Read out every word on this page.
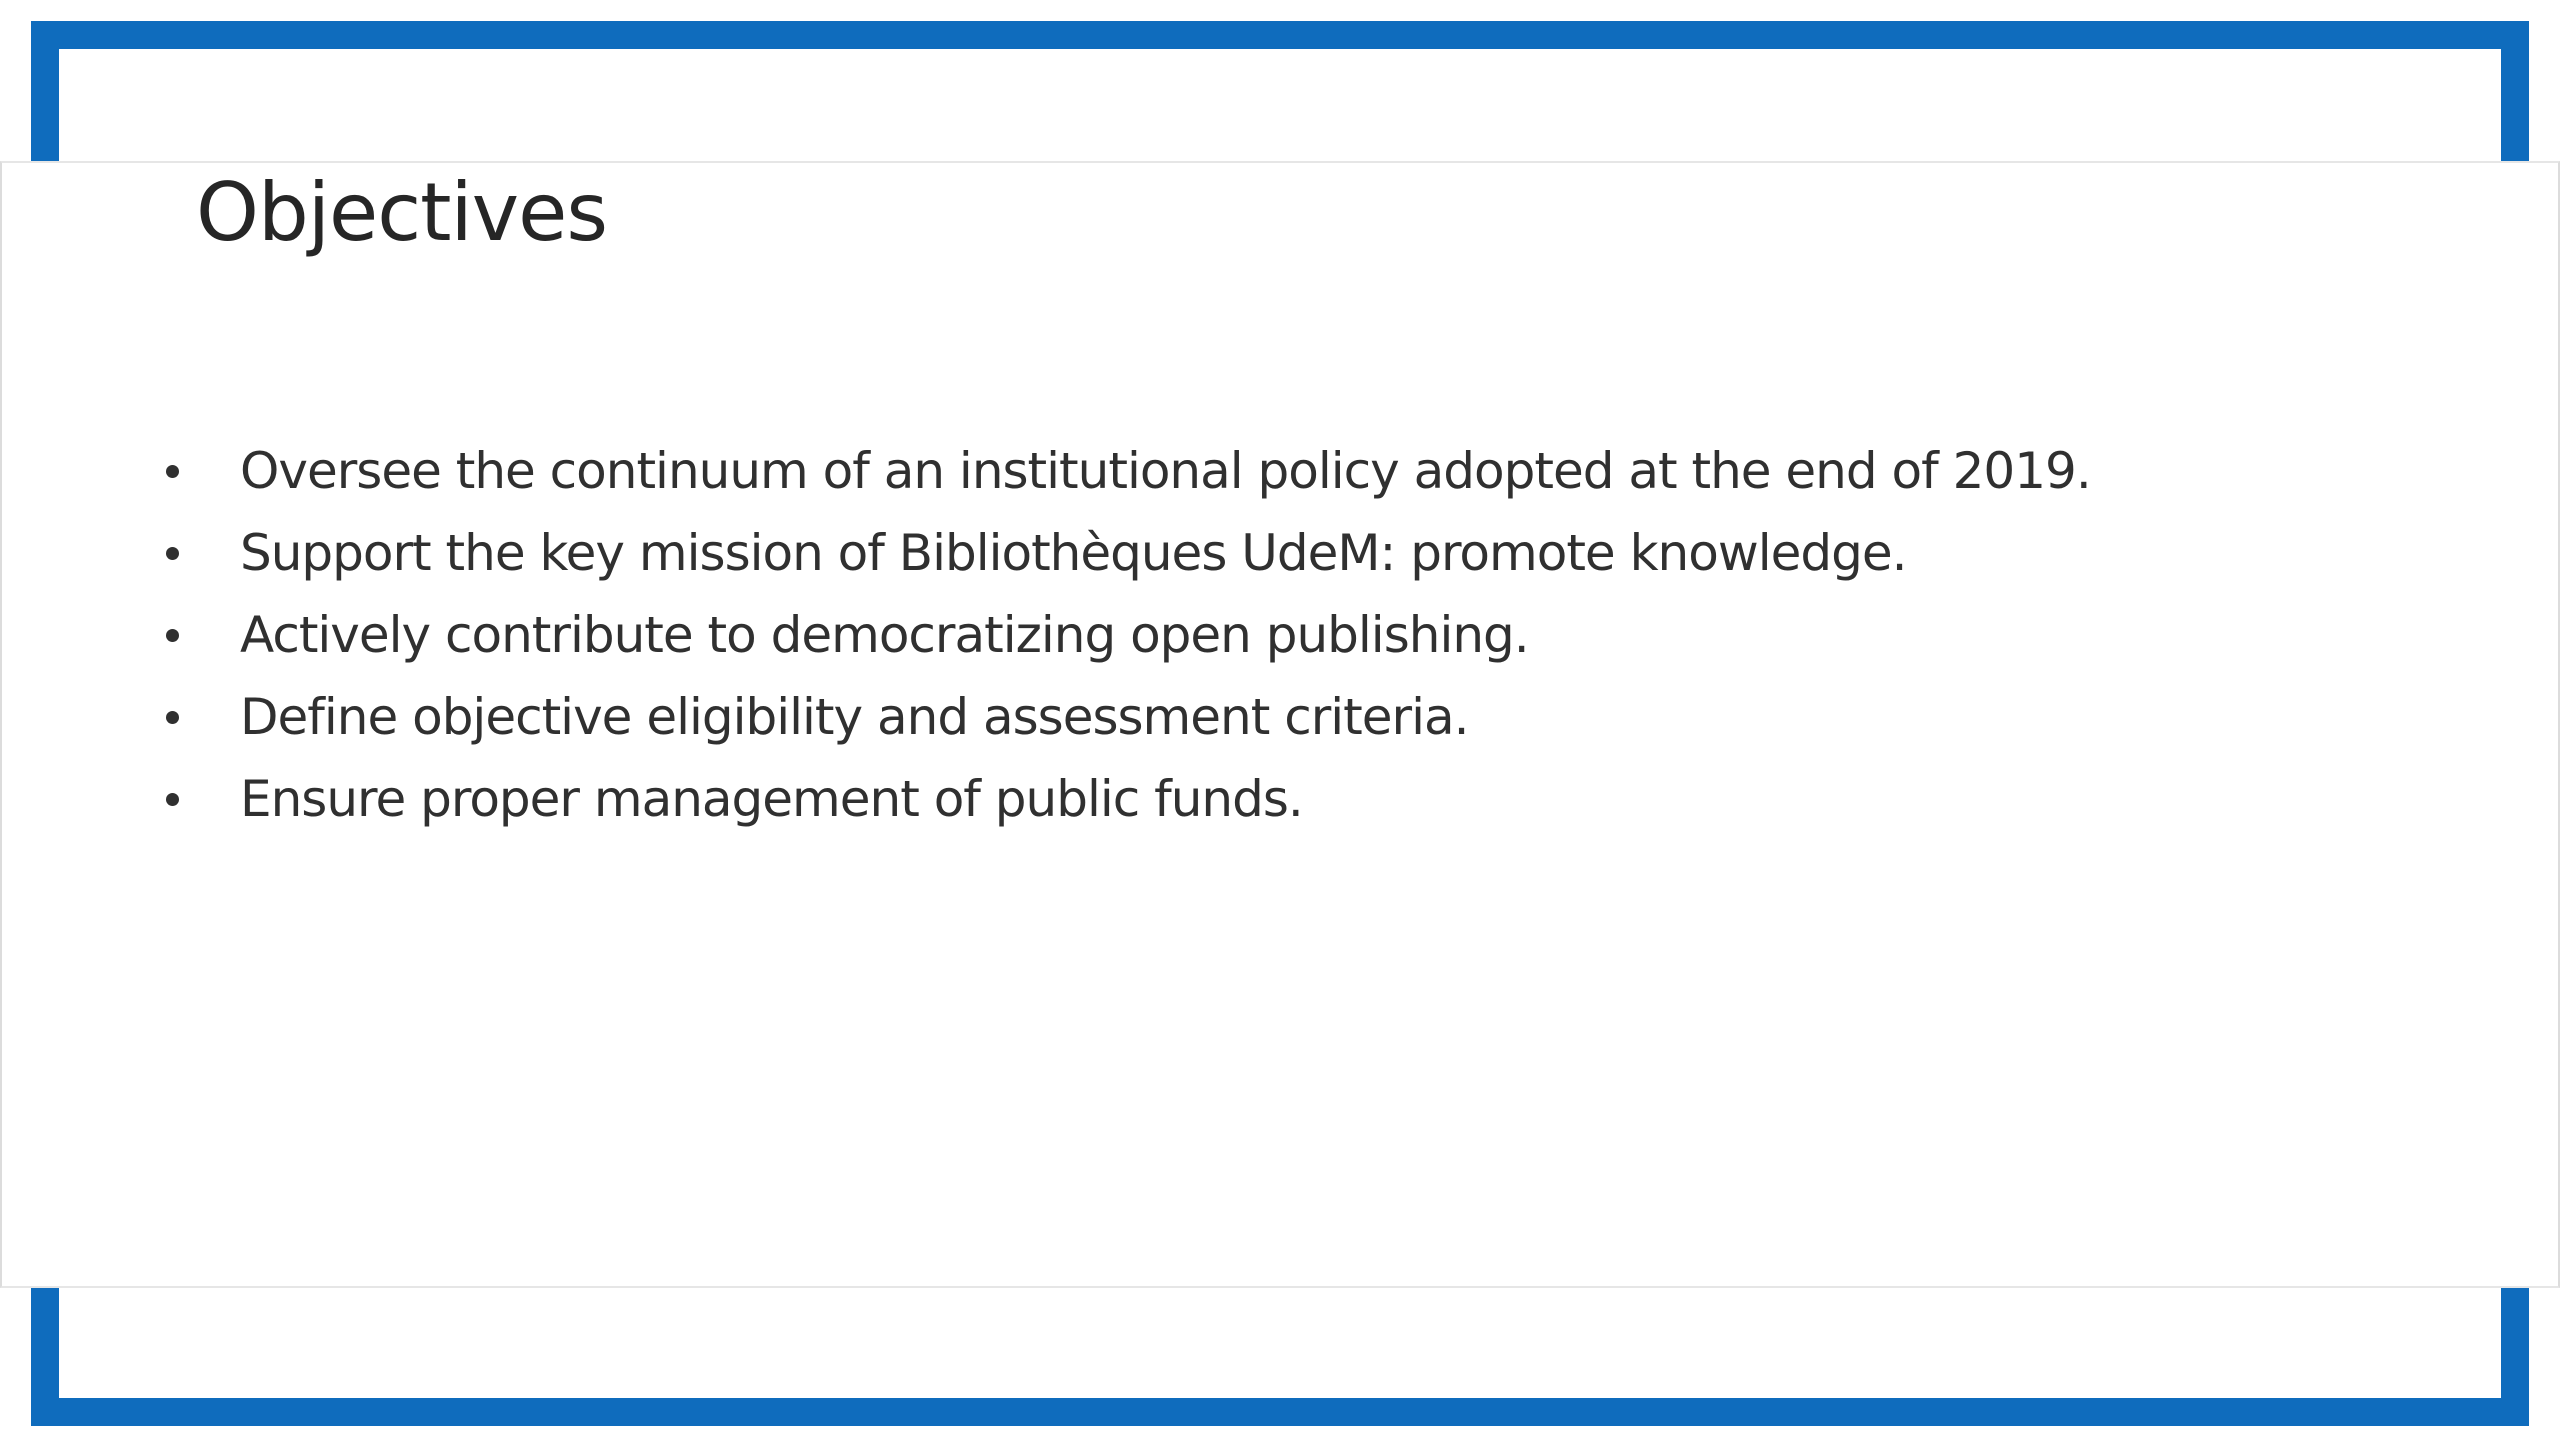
Objectives
Oversee the continuum of an institutional policy adopted at the end of 2019.
Support the key mission of Bibliothèques UdeM: promote knowledge.
Actively contribute to democratizing open publishing.
Define objective eligibility and assessment criteria.
Ensure proper management of public funds.
